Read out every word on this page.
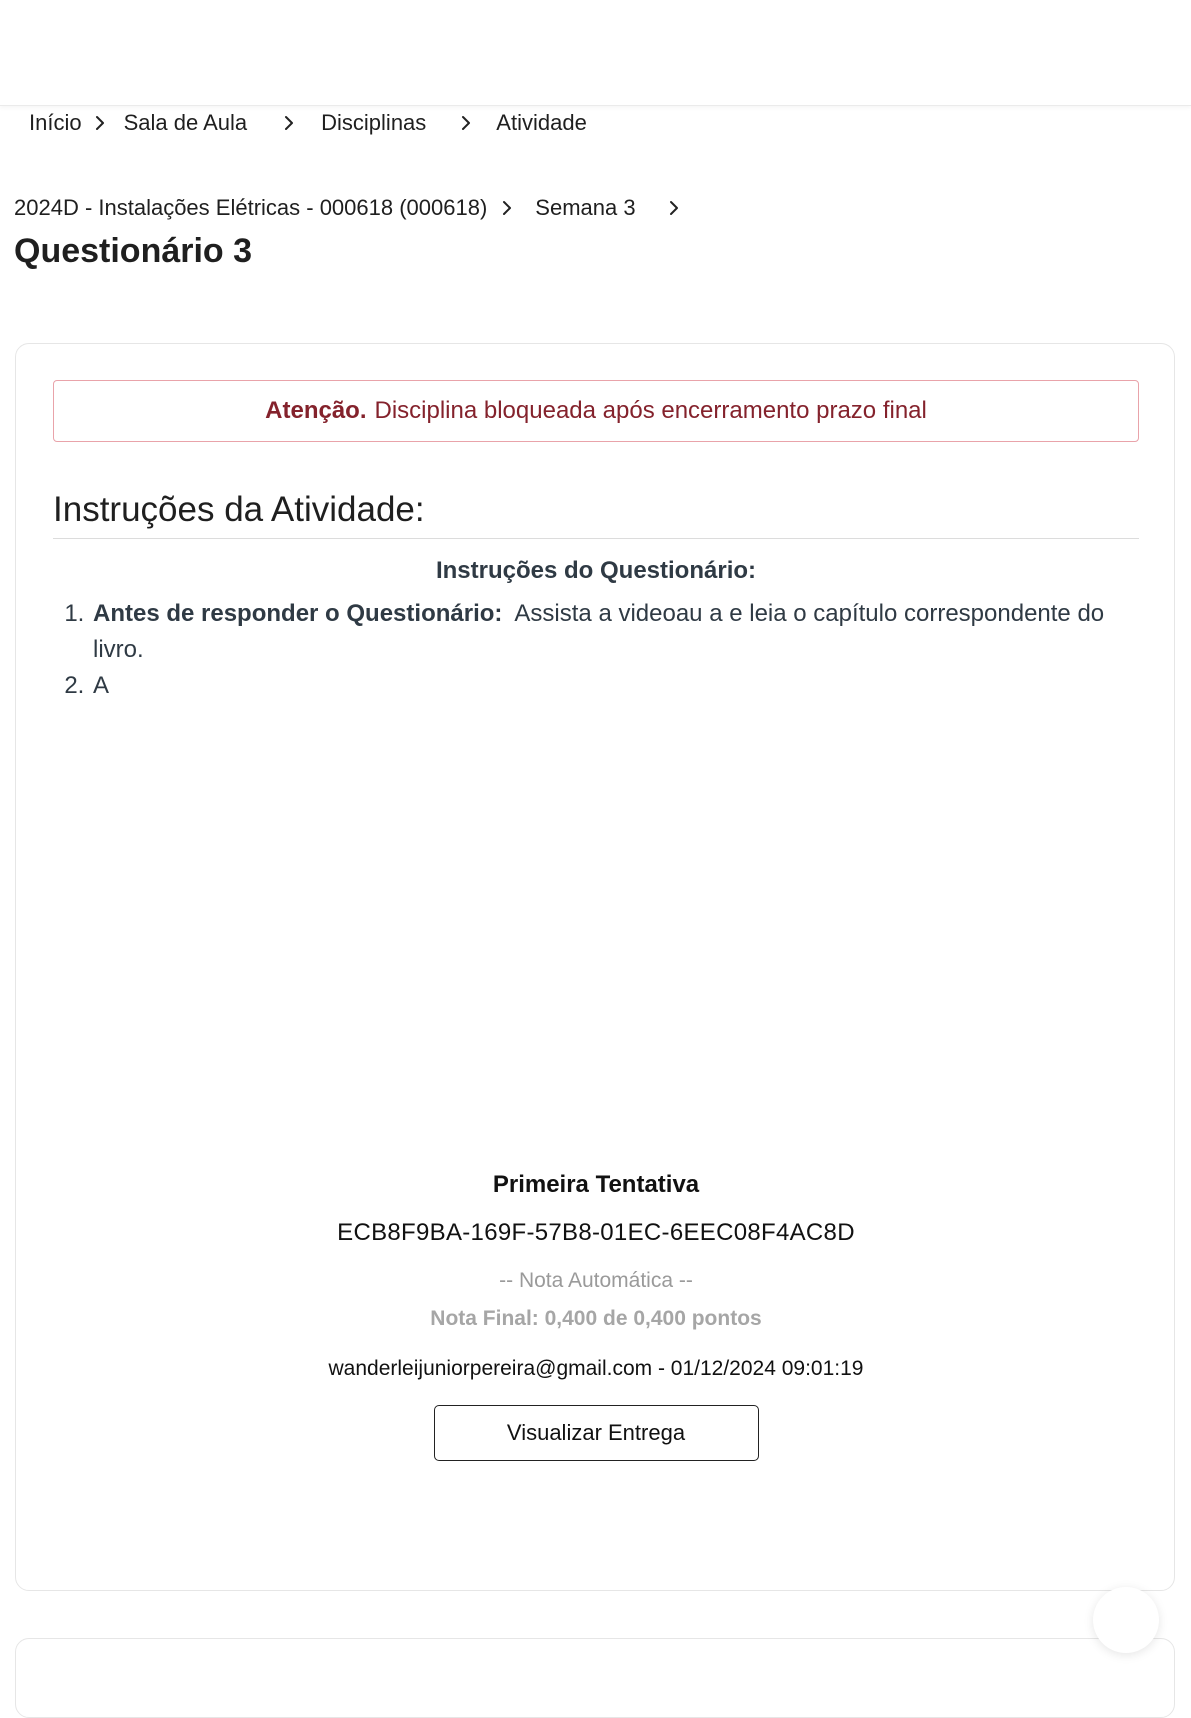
Início Sala de Aula	Disciplinas	Atividade
2024D - Instalações Elétricas - 000618 (000618) Semana 3
Questionário 3
Atenção. Disciplina bloqueada após encerramento prazo final
Instruções da Atividade:
Instruções do Questionário:
1. Antes de responder o Questionário: Assista a videoau a e leia o capítulo correspondente do livro.
2. A
Primeira Tentativa
ECB8F9BA-169F-57B8-01EC-6EEC08F4AC8D
-- Nota Automática --
Nota Final: 0,400 de 0,400 pontos
wanderleijuniorpereira@gmail.com - 01/12/2024 09:01:19
Visualizar Entrega
